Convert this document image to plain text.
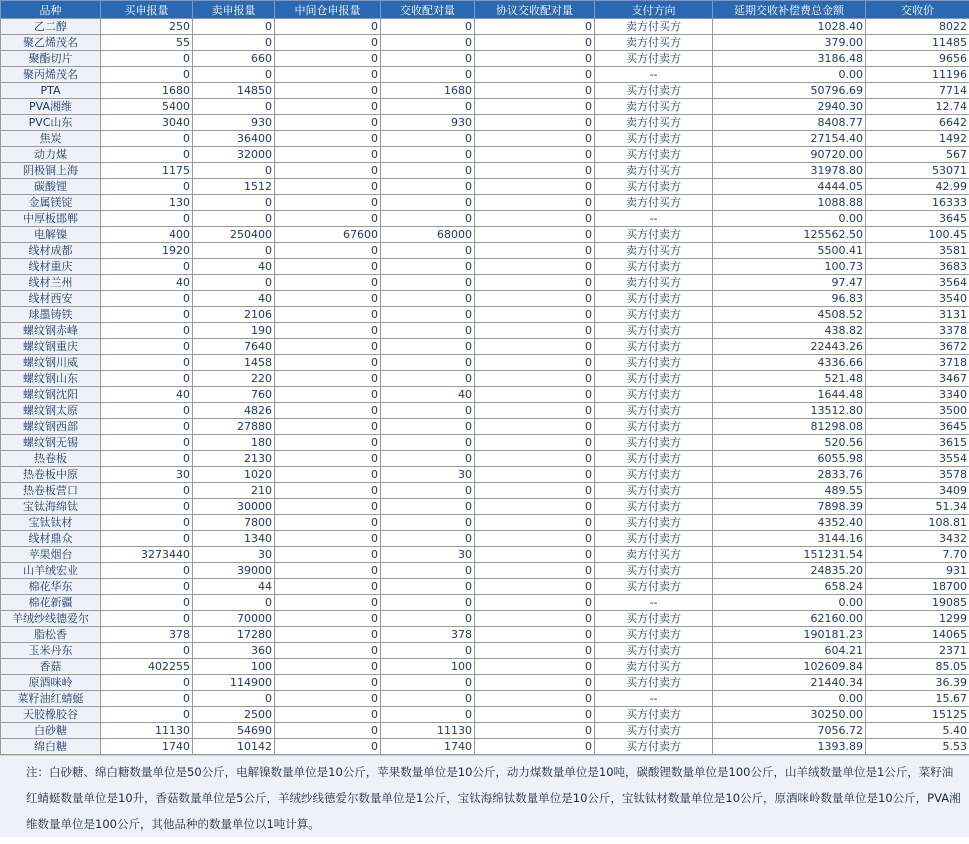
品种	买申报量	卖申报量	中间仓申报量	交收配对量	协议交收配对量	支付方向	延期交收补偿费总金额	交收价
乙二醇	250	0	0	0	0	卖方付买方	1028.40	8022
聚乙烯茂名	55	0	0	0	0	卖方付买方	379.00	11485
聚酯切片	0	660	0	0	0	买方付卖方	3186.48	9656
聚丙烯茂名	0	0	0	0	0	--	0.00	11196
PTA	1680	14850	0	1680	0	买方付卖方	50796.69	7714
PVA湘维	5400	0	0	0	0	卖方付买方	2940.30	12.74
PVC山东	3040	930	0	930	0	卖方付买方	8408.77	6642
焦炭	0	36400	0	0	0	买方付卖方	27154.40	1492
动力煤	0	32000	0	0	0	买方付卖方	90720.00	567
阴极铜上海	1175	0	0	0	0	卖方付买方	31978.80	53071
碳酸锂	0	1512	0	0	0	买方付卖方	4444.05	42.99
金属镁锭	130	0	0	0	0	卖方付买方	1088.88	16333
中厚板邯郸	0	0	0	0	0	--	0.00	3645
电解镍	400	250400	67600	68000	0	买方付卖方	125562.50	100.45
线材成都	1920	0	0	0	0	卖方付买方	5500.41	3581
线材重庆	0	40	0	0	0	买方付卖方	100.73	3683
线材兰州	40	0	0	0	0	卖方付买方	97.47	3564
线材西安	0	40	0	0	0	买方付卖方	96.83	3540
球墨铸铁	0	2106	0	0	0	买方付卖方	4508.52	3131
螺纹钢赤峰	0	190	0	0	0	买方付卖方	438.82	3378
螺纹钢重庆	0	7640	0	0	0	买方付卖方	22443.26	3672
螺纹钢川威	0	1458	0	0	0	买方付卖方	4336.66	3718
螺纹钢山东	0	220	0	0	0	买方付卖方	521.48	3467
螺纹钢沈阳	40	760	0	40	0	买方付卖方	1644.48	3340
螺纹钢太原	0	4826	0	0	0	买方付卖方	13512.80	3500
螺纹钢西部	0	27880	0	0	0	买方付卖方	81298.08	3645
螺纹钢无锡	0	180	0	0	0	买方付卖方	520.56	3615
热卷板	0	2130	0	0	0	买方付卖方	6055.98	3554
热卷板中原	30	1020	0	30	0	买方付卖方	2833.76	3578
热卷板营口	0	210	0	0	0	买方付卖方	489.55	3409
宝钛海绵钛	0	30000	0	0	0	买方付卖方	7898.39	51.34
宝钛钛材	0	7800	0	0	0	买方付卖方	4352.40	108.81
线材鼎众	0	1340	0	0	0	买方付卖方	3144.16	3432
苹果烟台	3273440	30	0	30	0	卖方付买方	151231.54	7.70
山羊绒宏业	0	39000	0	0	0	买方付卖方	24835.20	931
棉花华东	0	44	0	0	0	买方付卖方	658.24	18700
棉花新疆	0	0	0	0	0	--	0.00	19085
羊绒纱线德爱尔	0	70000	0	0	0	买方付卖方	62160.00	1299
脂松香	378	17280	0	378	0	买方付卖方	190181.23	14065
玉米丹东	0	360	0	0	0	买方付卖方	604.21	2371
香菇	402255	100	0	100	0	卖方付买方	102609.84	85.05
原酒咪岭	0	114900	0	0	0	买方付卖方	21440.34	36.39
菜籽油红蜻蜓	0	0	0	0	0	--	0.00	15.67
天胶橡胶谷	0	2500	0	0	0	买方付卖方	30250.00	15125
白砂糖	11130	54690	0	11130	0	买方付卖方	7056.72	5.40
绵白糖	1740	10142	0	1740	0	买方付卖方	1393.89	5.53
注：白砂糖、绵白糖数量单位是50公斤，电解镍数量单位是10公斤，苹果数量单位是10公斤，动力煤数量单位是10吨，碳酸锂数量单位是100公斤，山羊绒数量单位是1公斤，菜籽油红蜻蜓数量单位是10升，香菇数量单位是5公斤，羊绒纱线德爱尔数量单位是1公斤，宝钛海绵钛数量单位是10公斤，宝钛钛材数量单位是10公斤，原酒咪岭数量单位是10公斤，PVA湘维数量单位是100公斤，其他品种的数量单位以1吨计算。
